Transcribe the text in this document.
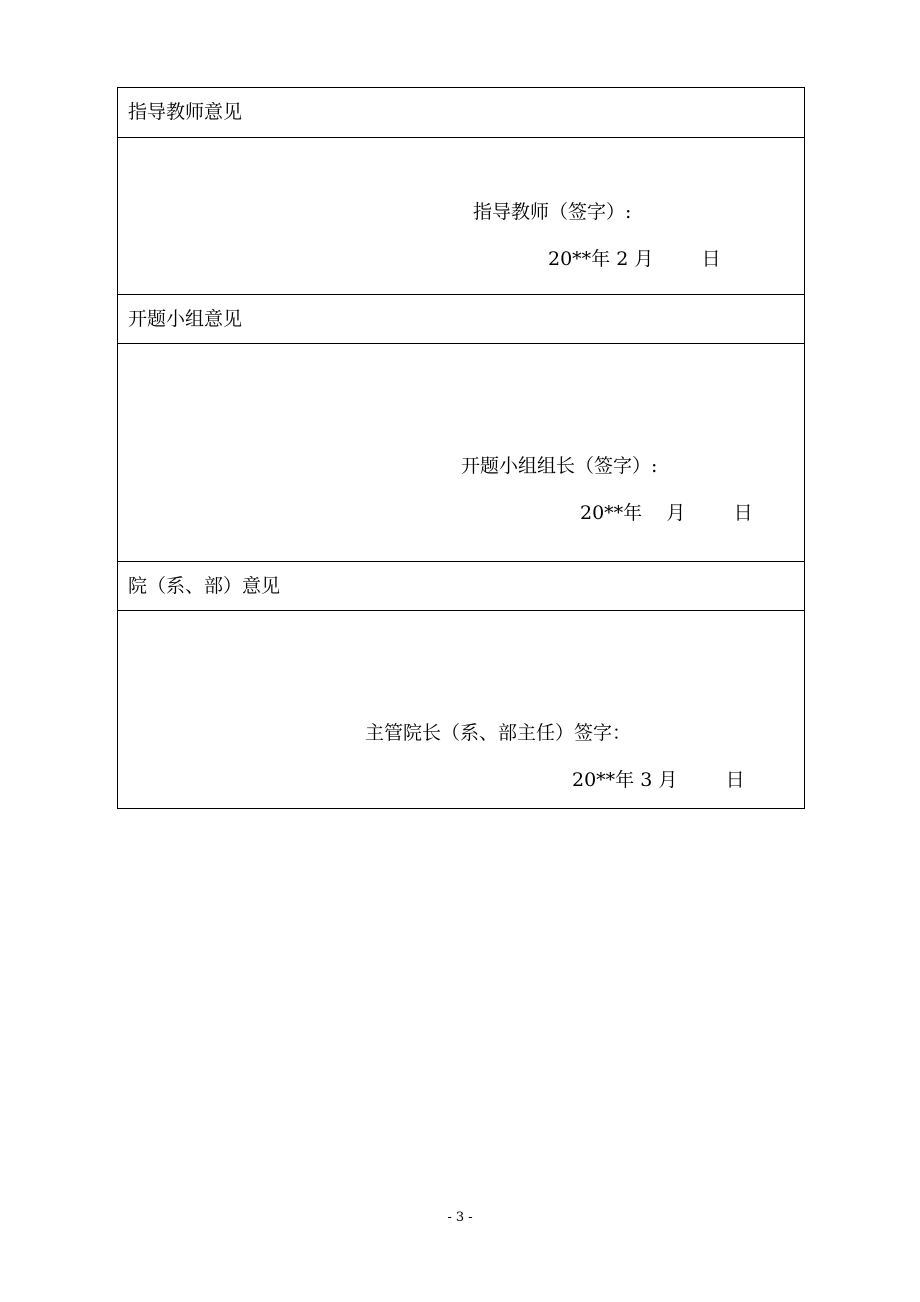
指导教师意见
指导教师（签字）:
20**年 2 月        日
开题小组意见
开题小组组长（签字）:
20**年    月        日
院（系、部）意见
主管院长（系、部主任）签字：
20**年 3 月        日
- 3 -
